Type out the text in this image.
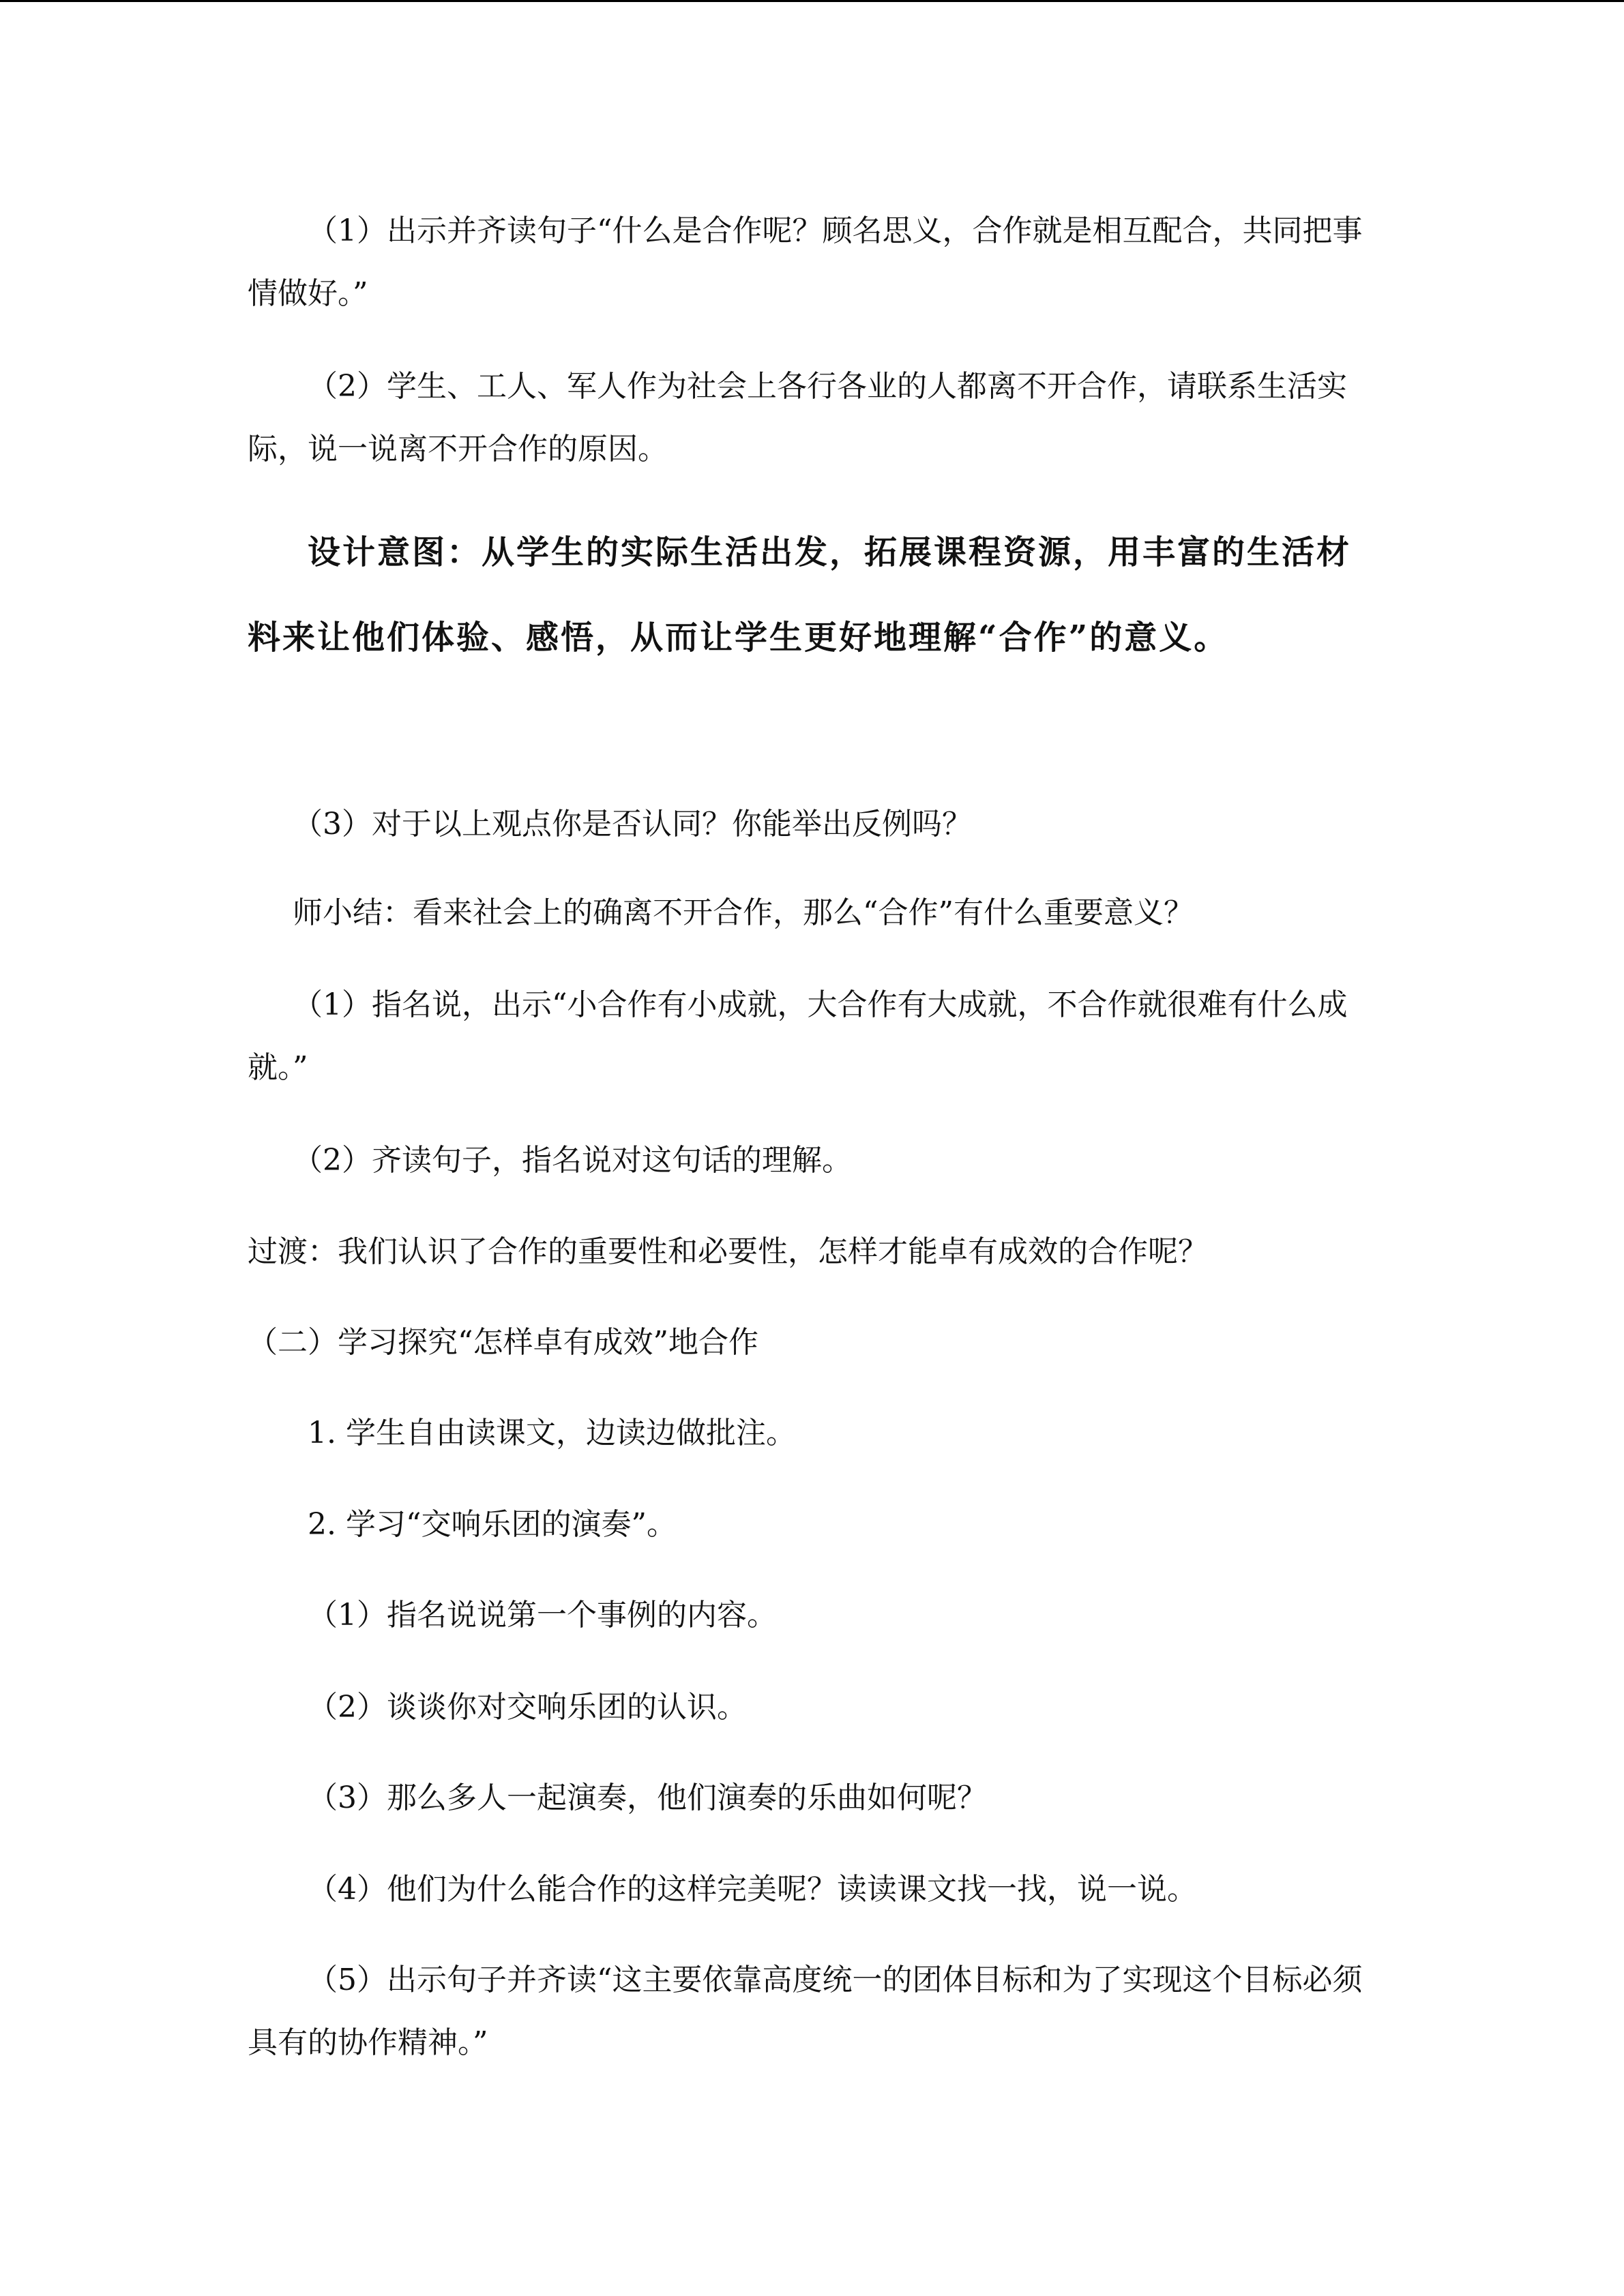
（1）出示并齐读句子“什么是合作呢？顾名思义，合作就是相互配合，共同把事情做好。”

（2）学生、工人、军人作为社会上各行各业的人都离不开合作，请联系生活实际，说一说离不开合作的原因。

设计意图：从学生的实际生活出发，拓展课程资源，用丰富的生活材料来让他们体验、感悟，从而让学生更好地理解“合作”的意义。

（3）对于以上观点你是否认同？你能举出反例吗？

师小结：看来社会上的确离不开合作，那么“合作”有什么重要意义？

（1）指名说，出示“小合作有小成就，大合作有大成就，不合作就很难有什么成就。”

（2）齐读句子，指名说对这句话的理解。

过渡：我们认识了合作的重要性和必要性，怎样才能卓有成效的合作呢？

（二）学习探究“怎样卓有成效”地合作

1. 学生自由读课文，边读边做批注。

2. 学习“交响乐团的演奏”。

（1）指名说说第一个事例的内容。

（2）谈谈你对交响乐团的认识。

（3）那么多人一起演奏，他们演奏的乐曲如何呢？

（4）他们为什么能合作的这样完美呢？读读课文找一找，说一说。

（5）出示句子并齐读“这主要依靠高度统一的团体目标和为了实现这个目标必须具有的协作精神。”
